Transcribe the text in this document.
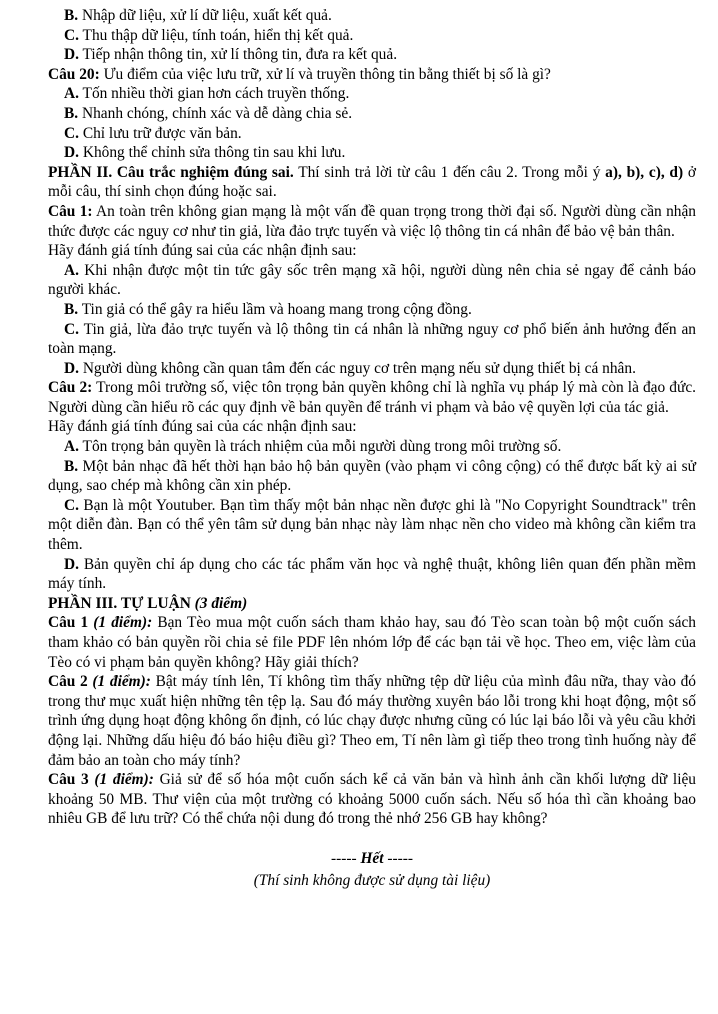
B. Nhập dữ liệu, xử lí dữ liệu, xuất kết quả.

C. Thu thập dữ liệu, tính toán, hiển thị kết quả.

D. Tiếp nhận thông tin, xử lí thông tin, đưa ra kết quả.

Câu 20: Ưu điểm của việc lưu trữ, xử lí và truyền thông tin bằng thiết bị số là gì?

A. Tốn nhiều thời gian hơn cách truyền thống.

B. Nhanh chóng, chính xác và dễ dàng chia sẻ.

C. Chỉ lưu trữ được văn bản.

D. Không thể chỉnh sửa thông tin sau khi lưu.

PHẦN II. Câu trắc nghiệm đúng sai. Thí sinh trả lời từ câu 1 đến câu 2. Trong mỗi ý a), b), c), d) ở mỗi câu, thí sinh chọn đúng hoặc sai.

Câu 1: An toàn trên không gian mạng là một vấn đề quan trọng trong thời đại số. Người dùng cần nhận thức được các nguy cơ như tin giả, lừa đảo trực tuyến và việc lộ thông tin cá nhân để bảo vệ bản thân.

Hãy đánh giá tính đúng sai của các nhận định sau:

A. Khi nhận được một tin tức gây sốc trên mạng xã hội, người dùng nên chia sẻ ngay để cảnh báo người khác.

B. Tin giả có thể gây ra hiểu lầm và hoang mang trong cộng đồng.

C. Tin giả, lừa đảo trực tuyến và lộ thông tin cá nhân là những nguy cơ phổ biến ảnh hưởng đến an toàn mạng.

D. Người dùng không cần quan tâm đến các nguy cơ trên mạng nếu sử dụng thiết bị cá nhân.

Câu 2: Trong môi trường số, việc tôn trọng bản quyền không chỉ là nghĩa vụ pháp lý mà còn là đạo đức. Người dùng cần hiểu rõ các quy định về bản quyền để tránh vi phạm và bảo vệ quyền lợi của tác giả.

Hãy đánh giá tính đúng sai của các nhận định sau:

A. Tôn trọng bản quyền là trách nhiệm của mỗi người dùng trong môi trường số.

B. Một bản nhạc đã hết thời hạn bảo hộ bản quyền (vào phạm vi công cộng) có thể được bất kỳ ai sử dụng, sao chép mà không cần xin phép.

C. Bạn là một Youtuber. Bạn tìm thấy một bản nhạc nền được ghi là "No Copyright Soundtrack" trên một diễn đàn. Bạn có thể yên tâm sử dụng bản nhạc này làm nhạc nền cho video mà không cần kiểm tra thêm.

D. Bản quyền chỉ áp dụng cho các tác phẩm văn học và nghệ thuật, không liên quan đến phần mềm máy tính.

PHẦN III. TỰ LUẬN (3 điểm)

Câu 1 (1 điểm): Bạn Tèo mua một cuốn sách tham khảo hay, sau đó Tèo scan toàn bộ một cuốn sách tham khảo có bản quyền rồi chia sẻ file PDF lên nhóm lớp để các bạn tải về học. Theo em, việc làm của Tèo có vi phạm bản quyền không? Hãy giải thích?

Câu 2 (1 điểm): Bật máy tính lên, Tí không tìm thấy những tệp dữ liệu của mình đâu nữa, thay vào đó trong thư mục xuất hiện những tên tệp lạ. Sau đó máy thường xuyên báo lỗi trong khi hoạt động, một số trình ứng dụng hoạt động không ổn định, có lúc chạy được nhưng cũng có lúc lại báo lỗi và yêu cầu khởi động lại. Những dấu hiệu đó báo hiệu điều gì? Theo em, Tí nên làm gì tiếp theo trong tình huống này để đảm bảo an toàn cho máy tính?

Câu 3 (1 điểm): Giả sử để số hóa một cuốn sách kể cả văn bản và hình ảnh cần khối lượng dữ liệu khoảng 50 MB. Thư viện của một trường có khoảng 5000 cuốn sách. Nếu số hóa thì cần khoảng bao nhiêu GB để lưu trữ? Có thể chứa nội dung đó trong thẻ nhớ 256 GB hay không?

----- Hết -----

(Thí sinh không được sử dụng tài liệu)
